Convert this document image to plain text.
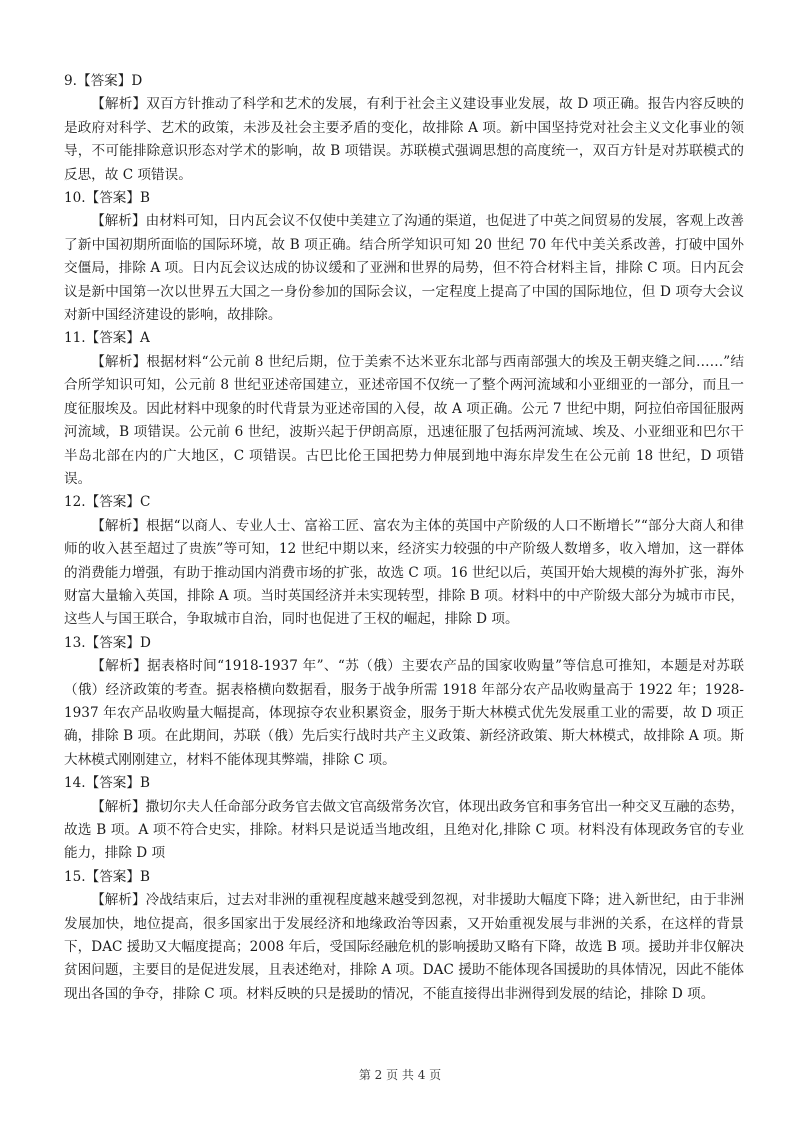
9.【答案】D

【解析】双百方针推动了科学和艺术的发展，有利于社会主义建设事业发展，故 D 项正确。报告内容反映的是政府对科学、艺术的政策，未涉及社会主要矛盾的变化，故排除 A 项。新中国坚持党对社会主义文化事业的领导，不可能排除意识形态对学术的影响，故 B 项错误。苏联模式强调思想的高度统一，双百方针是对苏联模式的反思，故 C 项错误。

10.【答案】B

【解析】由材料可知，日内瓦会议不仅使中美建立了沟通的渠道，也促进了中英之间贸易的发展，客观上改善了新中国初期所面临的国际环境，故 B 项正确。结合所学知识可知 20 世纪 70 年代中美关系改善，打破中国外交僵局，排除 A 项。日内瓦会议达成的协议缓和了亚洲和世界的局势，但不符合材料主旨，排除 C 项。日内瓦会议是新中国第一次以世界五大国之一身份参加的国际会议，一定程度上提高了中国的国际地位，但 D 项夸大会议对新中国经济建设的影响，故排除。

11.【答案】A

【解析】根据材料“公元前 8 世纪后期，位于美索不达米亚东北部与西南部强大的埃及王朝夹缝之间……”结合所学知识可知，公元前 8 世纪亚述帝国建立，亚述帝国不仅统一了整个两河流域和小亚细亚的一部分，而且一度征服埃及。因此材料中现象的时代背景为亚述帝国的入侵，故 A 项正确。公元 7 世纪中期，阿拉伯帝国征服两河流域，B 项错误。公元前 6 世纪，波斯兴起于伊朗高原，迅速征服了包括两河流域、埃及、小亚细亚和巴尔干半岛北部在内的广大地区，C 项错误。古巴比伦王国把势力伸展到地中海东岸发生在公元前 18 世纪，D 项错误。

12.【答案】C

【解析】根据“以商人、专业人士、富裕工匠、富农为主体的英国中产阶级的人口不断增长”“部分大商人和律师的收入甚至超过了贵族”等可知，12 世纪中期以来，经济实力较强的中产阶级人数增多，收入增加，这一群体的消费能力增强，有助于推动国内消费市场的扩张，故选 C 项。16 世纪以后，英国开始大规模的海外扩张，海外财富大量输入英国，排除 A 项。当时英国经济并未实现转型，排除 B 项。材料中的中产阶级大部分为城市市民，这些人与国王联合，争取城市自治，同时也促进了王权的崛起，排除 D 项。

13.【答案】D

【解析】据表格时间“1918-1937 年”、“苏（俄）主要农产品的国家收购量”等信息可推知，本题是对苏联（俄）经济政策的考查。据表格横向数据看，服务于战争所需 1918 年部分农产品收购量高于 1922 年；1928-1937 年农产品收购量大幅提高，体现掠夺农业积累资金，服务于斯大林模式优先发展重工业的需要，故 D 项正确，排除 B 项。在此期间，苏联（俄）先后实行战时共产主义政策、新经济政策、斯大林模式，故排除 A 项。斯大林模式刚刚建立，材料不能体现其弊端，排除 C 项。

14.【答案】B

【解析】撒切尔夫人任命部分政务官去做文官高级常务次官，体现出政务官和事务官出一种交叉互融的态势，故选 B 项。A 项不符合史实，排除。材料只是说适当地改组，且绝对化,排除 C 项。材料没有体现政务官的专业能力，排除 D 项

15.【答案】B

【解析】冷战结束后，过去对非洲的重视程度越来越受到忽视，对非援助大幅度下降；进入新世纪，由于非洲发展加快，地位提高，很多国家出于发展经济和地缘政治等因素，又开始重视发展与非洲的关系，在这样的背景下，DAC 援助又大幅度提高；2008 年后，受国际经融危机的影响援助又略有下降，故选 B 项。援助并非仅解决贫困问题，主要目的是促进发展，且表述绝对，排除 A 项。DAC 援助不能体现各国援助的具体情况，因此不能体现出各国的争夺，排除 C 项。材料反映的只是援助的情况，不能直接得出非洲得到发展的结论，排除 D 项。

第 2 页 共 4 页
